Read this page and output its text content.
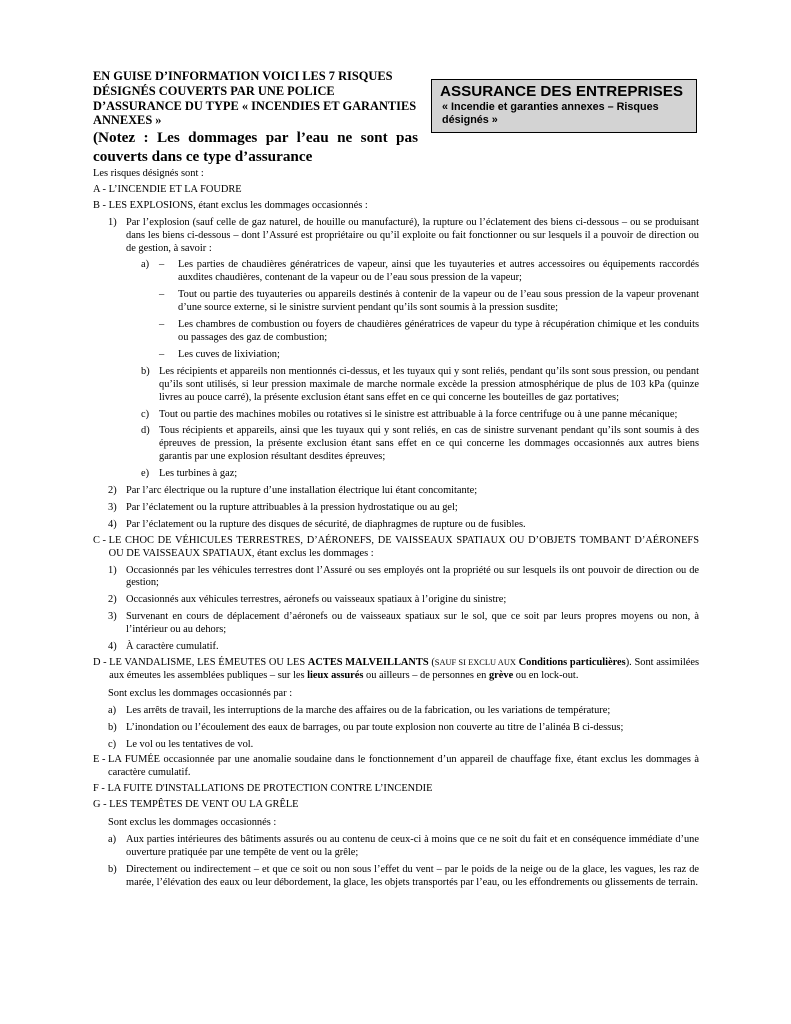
EN GUISE D’INFORMATION VOICI LES 7 RISQUES DÉSIGNÉS COUVERTS PAR UNE POLICE D’ASSURANCE DU TYPE « INCENDIES ET GARANTIES ANNEXES »
(Notez : Les dommages par l’eau ne sont pas couverts dans ce type d’assurance
ASSURANCE DES ENTREPRISES
« Incendie et garanties annexes – Risques désignés »

Les risques désignés sont :

A - L’INCENDIE ET LA FOUDRE
B - LES EXPLOSIONS, étant exclus les dommages occasionnés :
1) Par l’explosion (sauf celle de gaz naturel, de houille ou manufacturé), la rupture ou l’éclatement des biens ci-dessous – ou se produisant dans les biens ci-dessous – dont l’Assuré est propriétaire ou qu’il exploite ou fait fonctionner ou sur lesquels il a pouvoir de direction ou de gestion, à savoir :
a) –	Les parties de chaudières génératrices de vapeur, ainsi que les tuyauteries et autres accessoires ou équipements raccordés auxdites chaudières, contenant de la vapeur ou de l’eau sous pression de la vapeur;
–	Tout ou partie des tuyauteries ou appareils destinés à contenir de la vapeur ou de l’eau sous pression de la vapeur provenant d’une source externe, si le sinistre survient pendant qu’ils sont soumis à la pression susdite;
–	Les chambres de combustion ou foyers de chaudières génératrices de vapeur du type à récupération chimique et les conduits ou passages des gaz de combustion;
–	Les cuves de lixiviation;
b) Les récipients et appareils non mentionnés ci-dessus, et les tuyaux qui y sont reliés, pendant qu’ils sont sous pression, ou pendant qu’ils sont utilisés, si leur pression maximale de marche normale excède la pression atmosphérique de plus de 103 kPa (quinze livres au pouce carré), la présente exclusion étant sans effet en ce qui concerne les bouteilles de gaz portatives;
c) Tout ou partie des machines mobiles ou rotatives si le sinistre est attribuable à la force centrifuge ou à une panne mécanique;
d) Tous récipients et appareils, ainsi que les tuyaux qui y sont reliés, en cas de sinistre survenant pendant qu’ils sont soumis à des épreuves de pression, la présente exclusion étant sans effet en ce qui concerne les dommages occasionnés aux autres biens garantis par une explosion résultant desdites épreuves;
e) Les turbines à gaz;
2) Par l’arc électrique ou la rupture d’une installation électrique lui étant concomitante;
3) Par l’éclatement ou la rupture attribuables à la pression hydrostatique ou au gel;
4) Par l’éclatement ou la rupture des disques de sécurité, de diaphragmes de rupture ou de fusibles.
C - LE CHOC DE VÉHICULES TERRESTRES, D’AÉRONEFS, DE VAISSEAUX SPATIAUX OU D’OBJETS TOMBANT D’AÉRONEFS OU DE VAISSEAUX SPATIAUX, étant exclus les dommages :
1) Occasionnés par les véhicules terrestres dont l’Assuré ou ses employés ont la propriété ou sur lesquels ils ont pouvoir de direction ou de gestion;
2) Occasionnés aux véhicules terrestres, aéronefs ou vaisseaux spatiaux à l’origine du sinistre;
3) Survenant en cours de déplacement d’aéronefs ou de vaisseaux spatiaux sur le sol, que ce soit par leurs propres moyens ou non, à l’intérieur ou au dehors;
4) À caractère cumulatif.
D - LE VANDALISME, LES ÉMEUTES OU LES ACTES MALVEILLANTS (SAUF SI EXCLU AUX Conditions particulières). Sont assimilées aux émeutes les assemblées publiques – sur les lieux assurés ou ailleurs – de personnes en grève ou en lock-out.

Sont exclus les dommages occasionnés par :

a) Les arrêts de travail, les interruptions de la marche des affaires ou de la fabrication, ou les variations de température;
b) L’inondation ou l’écoulement des eaux de barrages, ou par toute explosion non couverte au titre de l’alinéa B ci-dessus;
c) Le vol ou les tentatives de vol.
E - LA FUMÉE occasionnée par une anomalie soudaine dans le fonctionnement d’un appareil de chauffage fixe, étant exclus les dommages à caractère cumulatif.
F - LA FUITE D'INSTALLATIONS DE PROTECTION CONTRE L’INCENDIE
G - LES TEMPÊTES DE VENT OU LA GRÊLE

Sont exclus les dommages occasionnés :

a) Aux parties intérieures des bâtiments assurés ou au contenu de ceux-ci à moins que ce ne soit du fait et en conséquence immédiate d’une ouverture pratiquée par une tempête de vent ou la grêle;
b) Directement ou indirectement – et que ce soit ou non sous l’effet du vent – par le poids de la neige ou de la glace, les vagues, les raz de marée, l’élévation des eaux ou leur débordement, la glace, les objets transportés par l’eau, ou les effondrements ou glissements de terrain.
